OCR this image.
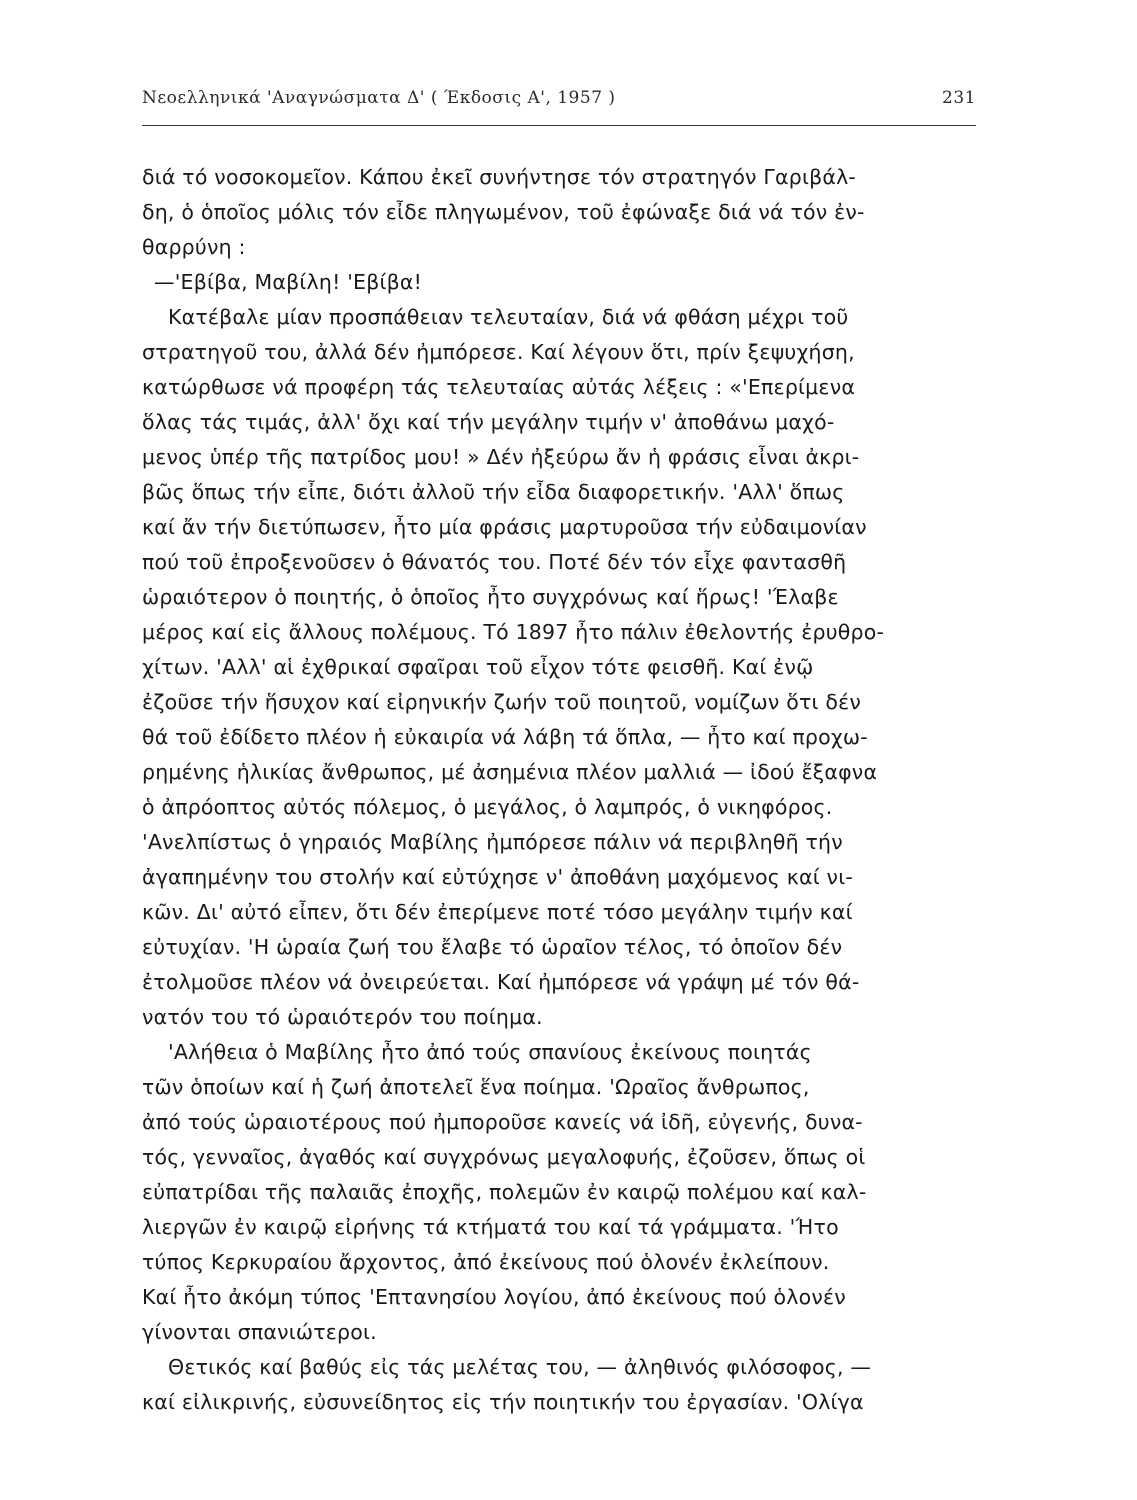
Νεοελληνικά 'Αναγνώσματα Δ' ( Έκδοσις Α', 1957 )	231
διά τό νοσοκομεῖον. Κάπου ἐκεῖ συνήντησε τόν στρατηγόν Γαριβάλ-
δη, ὁ ὁποῖος μόλις τόν εἶδε πληγωμένον, τοῦ ἐφώναξε διά νά τόν ἐν-
θαρρύνη :
—'Εβίβα, Μαβίλη! 'Εβίβα!
Κατέβαλε μίαν προσπάθειαν τελευταίαν, διά νά φθάση μέχρι τοῦ
στρατηγοῦ του, ἀλλά δέν ἠμπόρεσε. Καί λέγουν ὅτι, πρίν ξεψυχήση,
κατώρθωσε νά προφέρη τάς τελευταίας αὐτάς λέξεις : «'Επερίμενα
ὅλας τάς τιμάς, ἀλλ' ὄχι καί τήν μεγάλην τιμήν ν' ἀποθάνω μαχό-
μενος ὑπέρ τῆς πατρίδος μου! » Δέν ἠξεύρω ἄν ἡ φράσις εἶναι ἀκρι-
βῶς ὅπως τήν εἶπε, διότι ἀλλοῦ τήν εἶδα διαφορετικήν. 'Αλλ' ὅπως
καί ἄν τήν διετύπωσεν, ἦτο μία φράσις μαρτυροῦσα τήν εὐδαιμονίαν
πού τοῦ ἐπροξενοῦσεν ὁ θάνατός του. Ποτέ δέν τόν εἶχε φαντασθῆ
ὡραιότερον ὁ ποιητής, ὁ ὁποῖος ἦτο συγχρόνως καί ἥρως! 'Έλαβε
μέρος καί εἰς ἄλλους πολέμους. Τό 1897 ἦτο πάλιν ἐθελοντής ἐρυθρο-
χίτων. 'Αλλ' αἱ ἐχθρικαί σφαῖραι τοῦ εἶχον τότε φεισθῆ. Καί ἐνῷ
ἐζοῦσε τήν ἥσυχον καί εἰρηνικήν ζωήν τοῦ ποιητοῦ, νομίζων ὅτι δέν
θά τοῦ ἐδίδετο πλέον ἡ εὐκαιρία νά λάβη τά ὅπλα, — ἦτο καί προχω-
ρημένης ἡλικίας ἄνθρωπος, μέ ἀσημένια πλέον μαλλιά — ἰδού ἔξαφνα
ὁ ἀπρόοπτος αὐτός πόλεμος, ὁ μεγάλος, ὁ λαμπρός, ὁ νικηφόρος.
'Ανελπίστως ὁ γηραιός Μαβίλης ἠμπόρεσε πάλιν νά περιβληθῆ τήν
ἀγαπημένην του στολήν καί εὐτύχησε ν' ἀποθάνη μαχόμενος καί νι-
κῶν. Δι' αὐτό εἶπεν, ὅτι δέν ἐπερίμενε ποτέ τόσο μεγάλην τιμήν καί
εὐτυχίαν. 'Η ὡραία ζωή του ἔλαβε τό ὡραῖον τέλος, τό ὁποῖον δέν
ἐτολμοῦσε πλέον νά ὀνειρεύεται. Καί ἠμπόρεσε νά γράψη μέ τόν θά-
νατόν του τό ὡραιότερόν του ποίημα.
'Αλήθεια ὁ Μαβίλης ἦτο ἀπό τούς σπανίους ἐκείνους ποιητάς
τῶν ὁποίων καί ἡ ζωή ἀποτελεῖ ἕνα ποίημα. 'Ωραῖος ἄνθρωπος,
ἀπό τούς ὡραιοτέρους πού ἠμποροῦσε κανείς νά ἰδῆ, εὐγενής, δυνα-
τός, γενναῖος, ἀγαθός καί συγχρόνως μεγαλοφυής, ἐζοῦσεν, ὅπως οἱ
εὐπατρίδαι τῆς παλαιᾶς ἐποχῆς, πολεμῶν ἐν καιρῷ πολέμου καί καλ-
λιεργῶν ἐν καιρῷ εἰρήνης τά κτήματά του καί τά γράμματα. 'Ήτο
τύπος Κερκυραίου ἄρχοντος, ἀπό ἐκείνους πού ὁλονέν ἐκλείπουν.
Καί ἦτο ἀκόμη τύπος 'Επτανησίου λογίου, ἀπό ἐκείνους πού ὁλονέν
γίνονται σπανιώτεροι.
Θετικός καί βαθύς εἰς τάς μελέτας του, — ἀληθινός φιλόσοφος, —
καί εἰλικρινής, εὐσυνείδητος εἰς τήν ποιητικήν του ἐργασίαν. 'Ολίγα
